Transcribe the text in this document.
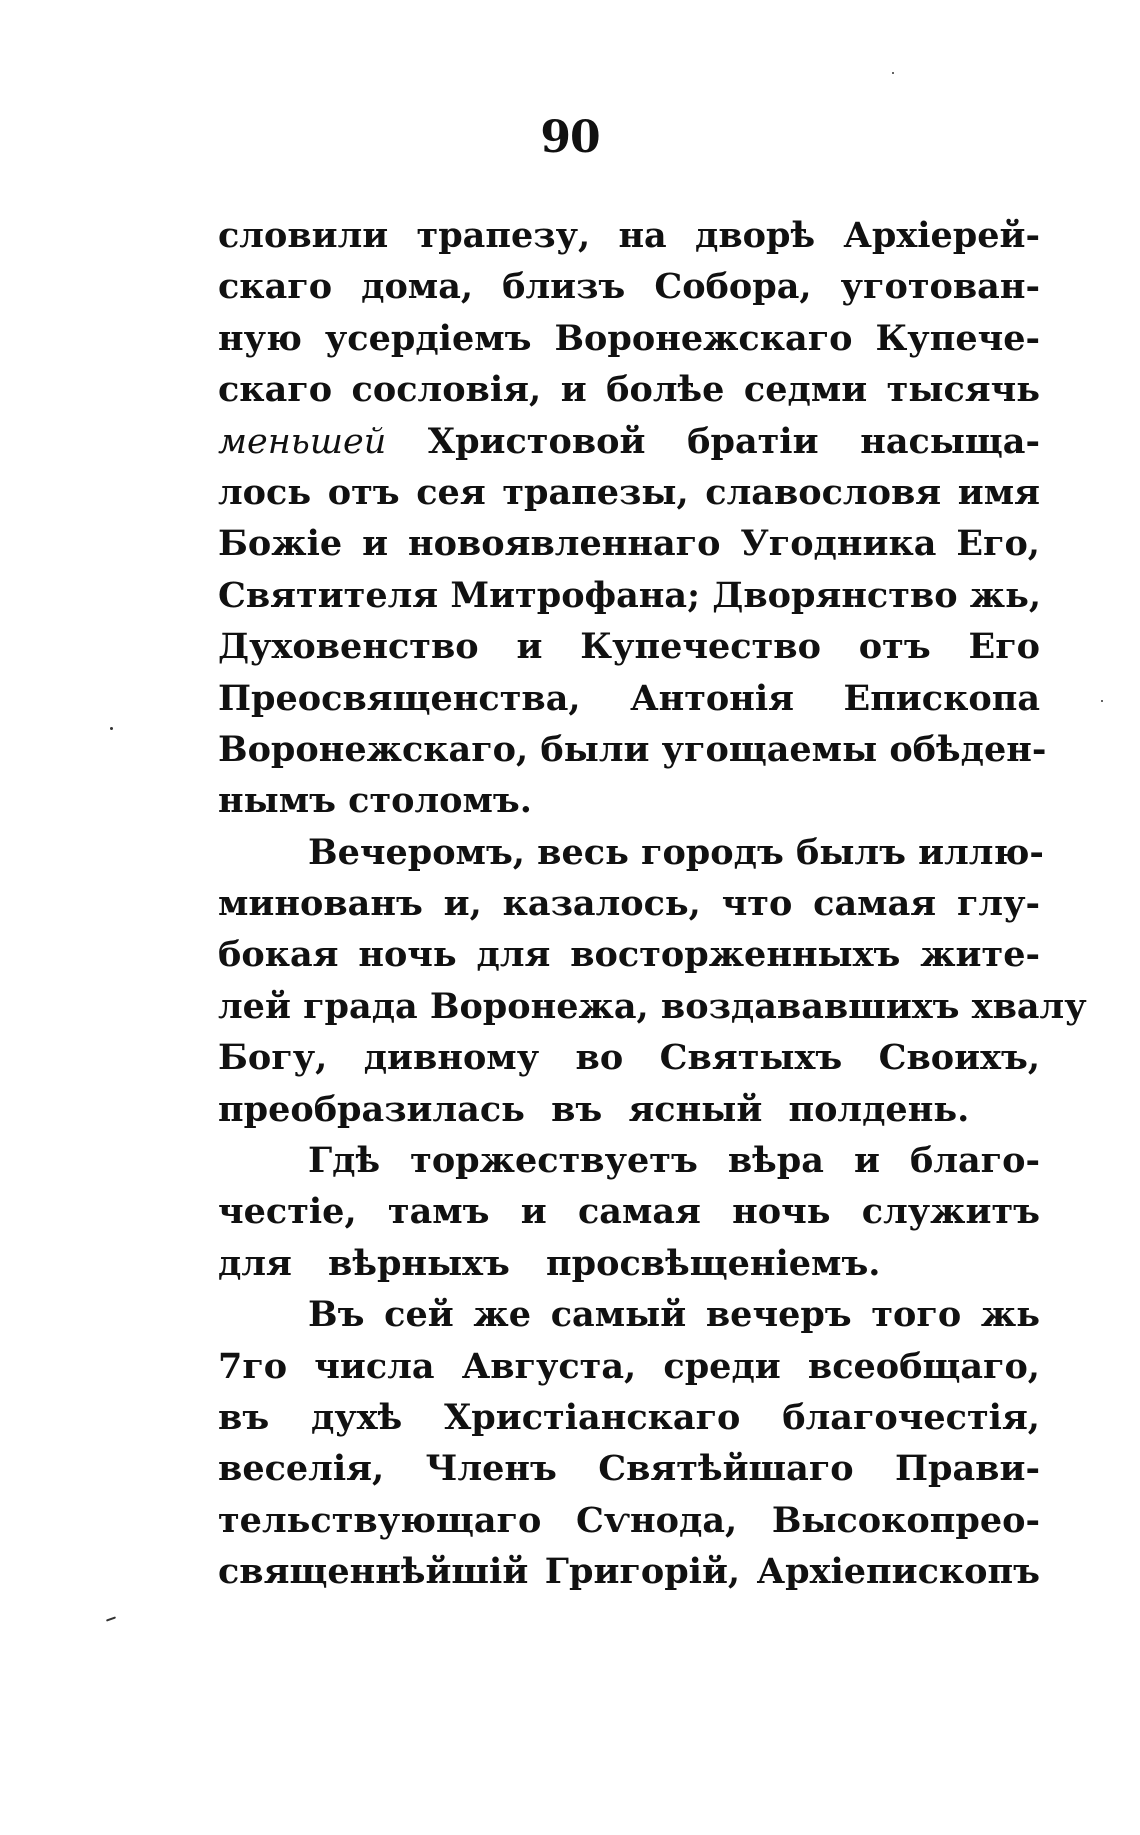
90
словили трапезу, на дворѣ Архіерей-
скаго дома, близъ Собора, уготован-
ную усердіемъ Воронежскаго Купече-
скаго сословія, и болѣе седми тысячь
меньшей Христовой братіи насыща-
лось отъ сея трапезы, славословя имя
Божіе и новоявленнаго Угодника Его,
Святителя Митрофана; Дворянство жь,
Духовенство и Купечество отъ Его
Преосвященства, Антонія Епископа
Воронежскаго, были угощаемы обѣден-
нымъ столомъ.
Вечеромъ, весь городъ былъ иллю-
минованъ и, казалось, что самая глу-
бокая ночь для восторженныхъ жите-
лей града Воронежа, воздававшихъ хвалу
Богу, дивному во Святыхъ Своихъ,
преобразилась въ ясный полдень.
Гдѣ торжествуетъ вѣра и благо-
честіе, тамъ и самая ночь служитъ
для вѣрныхъ просвѣщеніемъ.
Въ сей же самый вечеръ того жь
7го числа Августа, среди всеобщаго,
въ духѣ Христіанскаго благочестія,
веселія, Членъ Святѣйшаго Прави-
тельствующаго Сѵнода, Высокопрео-
священнѣйшій Григорій, Архіепископъ
